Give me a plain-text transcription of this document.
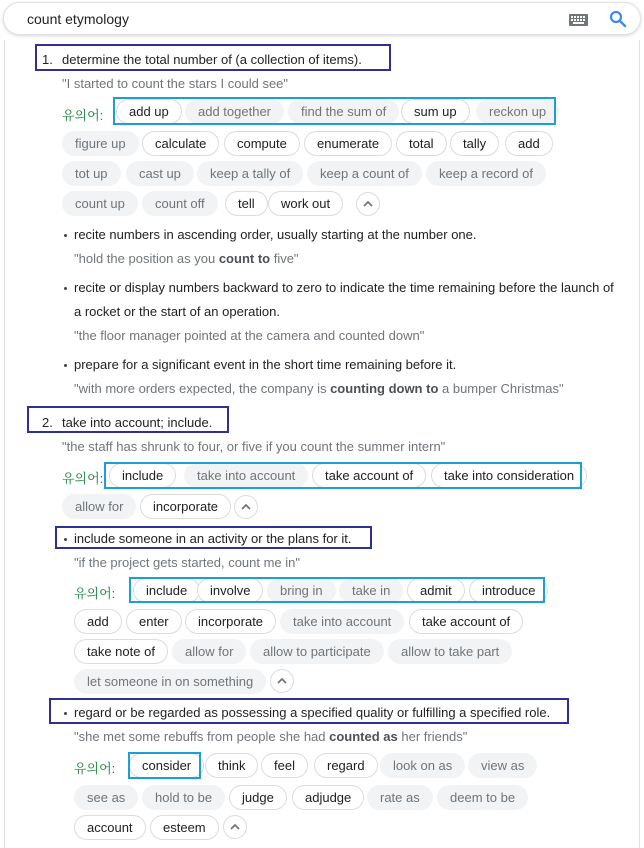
count etymology
1. determine the total number of (a collection of items).
"I started to count the stars I could see"
유의어:	add up	add together	find the sum of	sum up	reckon up
figure up	calculate	compute	enumerate	total	tally	add
tot up	cast up	keep a tally of	keep a count of	keep a record of
count up	count off	tell	work out
recite numbers in ascending order, usually starting at the number one.
"hold the position as you count to five"
recite or display numbers backward to zero to indicate the time remaining before the launch of
a rocket or the start of an operation.
"the floor manager pointed at the camera and counted down"
prepare for a significant event in the short time remaining before it.
"with more orders expected, the company is counting down to a bumper Christmas"
2. take into account; include.
"the staff has shrunk to four, or five if you count the summer intern"
유의어:	include	take into account	take account of	take into consideration
allow for	incorporate
include someone in an activity or the plans for it.
"if the project gets started, count me in"
유의어:	include	involve	bring in	take in	admit	introduce
add	enter	incorporate	take into account	take account of
take note of	allow for	allow to participate	allow to take part
let someone in on something
regard or be regarded as possessing a specified quality or fulfilling a specified role.
"she met some rebuffs from people she had counted as her friends"
유의어:	consider	think	feel	regard	look on as	view as
see as	hold to be	judge	adjudge	rate as	deem to be
account	esteem
